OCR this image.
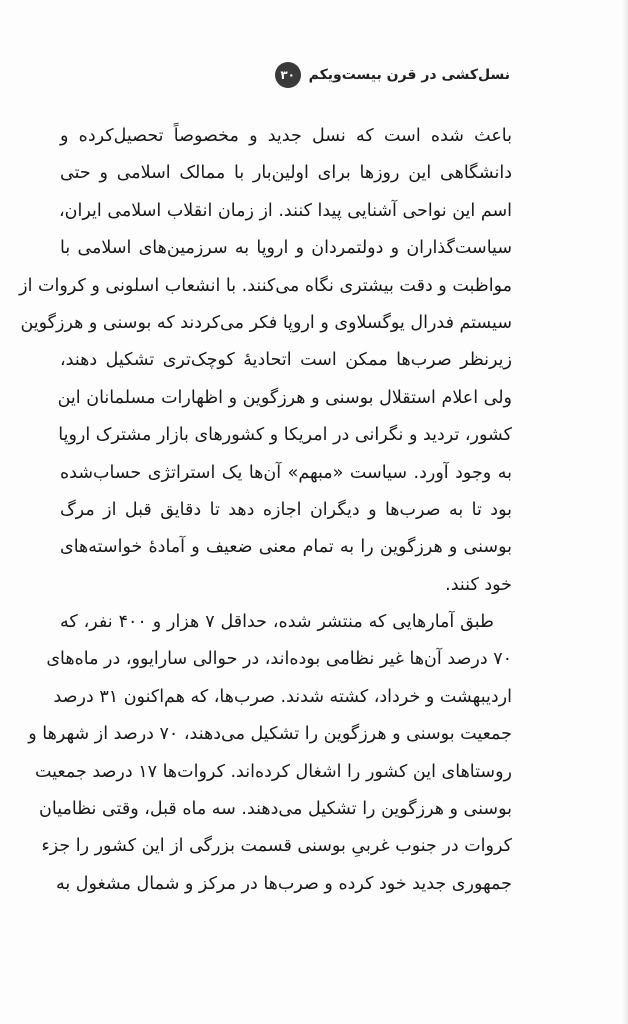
۳۰ نسل‌کشی در قرن بیست‌ویکم
باعث شده است که نسل جدید و مخصوصاً تحصیل‌کرده و
دانشگاهی این روزها برای اولین‌بار با ممالک اسلامی و حتی
اسم این نواحی آشنایی پیدا کنند. از زمان انقلاب اسلامی ایران،
سیاست‌گذاران و دولتمردان و اروپا به سرزمین‌های اسلامی با
مواظبت و دقت بیشتری نگاه می‌کنند. با انشعاب اسلونی و کروات از
سیستم فدرال یوگسلاوی و اروپا فکر می‌کردند که بوسنی و هرزگوین
زیرنظر صرب‌ها ممکن است اتحادیهٔ کوچک‌تری تشکیل دهند،
ولی اعلام استقلال بوسنی و هرزگوین و اظهارات مسلمانان این
کشور، تردید و نگرانی در امریکا و کشورهای بازار مشترک اروپا
به وجود آورد. سیاست «مبهم» آن‌ها یک استراتژی حساب‌شده
بود تا به صرب‌ها و دیگران اجازه دهد تا دقایق قبل از مرگ
بوسنی و هرزگوین را به تمام معنی ضعیف و آمادهٔ خواسته‌های
خود کنند.
طبق آمارهایی که منتشر شده، حداقل ۷ هزار و ۴۰۰ نفر، که
۷۰ درصد آن‌ها غیر نظامی بوده‌اند، در حوالی سارایوو، در ماه‌های
اردیبهشت و خرداد، کشته شدند. صرب‌ها، که هم‌اکنون ۳۱ درصد
جمعیت بوسنی و هرزگوین را تشکیل می‌دهند، ۷۰ درصد از شهرها و
روستاهای این کشور را اشغال کرده‌اند. کروات‌ها ۱۷ درصد جمعیت
بوسنی و هرزگوین را تشکیل می‌دهند. سه ماه قبل، وقتی نظامیان
کروات در جنوب غربیِ بوسنی قسمت بزرگی از این کشور را جزء
جمهوری جدید خود کرده و صرب‌ها در مرکز و شمال مشغول به
